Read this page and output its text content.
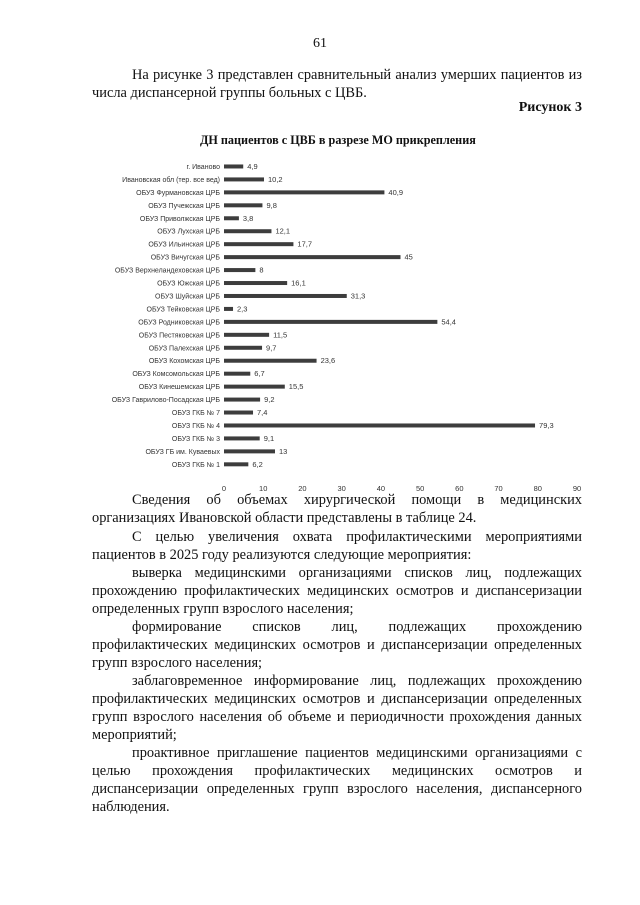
61

На рисунке 3 представлен сравнительный анализ умерших пациентов из числа диспансерной группы больных с ЦВБ.

Рисунок 3
ДН пациентов с ЦВБ в разрезе МО прикрепления
г. Иваново	4,9
Ивановская обл (тер. все вед)	10,2
ОБУЗ Фурмановская ЦРБ	40,9
ОБУЗ Пучежская ЦРБ	9,8
ОБУЗ Приволжская ЦРБ	3,8
ОБУЗ Лухская ЦРБ	12,1
ОБУЗ Ильинская ЦРБ	17,7
ОБУЗ Вичугская ЦРБ	45
ОБУЗ Верхнеландеховская ЦРБ	8
ОБУЗ Южская ЦРБ	16,1
ОБУЗ Шуйская ЦРБ	31,3
ОБУЗ Тейковская ЦРБ 2,3
ОБУЗ Родниковская ЦРБ	54,4
ОБУЗ Пестяковская ЦРБ	11,5
ОБУЗ Палехская ЦРБ	9,7
ОБУЗ Кохомская ЦРБ	23,6
ОБУЗ Комсомольская ЦРБ	6,7
ОБУЗ Кинешемская ЦРБ	15,5
ОБУЗ Гаврилово-Посадская ЦРБ	9,2
ОБУЗ ГКБ № 7	7,4
ОБУЗ ГКБ № 4	79,3
ОБУЗ ГКБ № 3	9,1
ОБУЗ ГБ им. Куваевых	13
ОБУЗ ГКБ № 1	6,2
0	10	20	30	40	50	60	70	80	90

Сведения об объемах хирургической помощи в медицинских организациях Ивановской области представлены в таблице 24.

С целью увеличения охвата профилактическими мероприятиями пациентов в 2025 году реализуются следующие мероприятия:

выверка медицинскими организациями списков лиц, подлежащих прохождению профилактических медицинских осмотров и диспансеризации определенных групп взрослого населения;

формирование списков лиц, подлежащих прохождению профилактических медицинских осмотров и диспансеризации определенных групп взрослого населения;

заблаговременное информирование лиц, подлежащих прохождению профилактических медицинских осмотров и диспансеризации определенных групп взрослого населения об объеме и периодичности прохождения данных мероприятий;

проактивное приглашение пациентов медицинскими организациями с целью прохождения профилактических медицинских осмотров и диспансеризации определенных групп взрослого населения, диспансерного наблюдения.
